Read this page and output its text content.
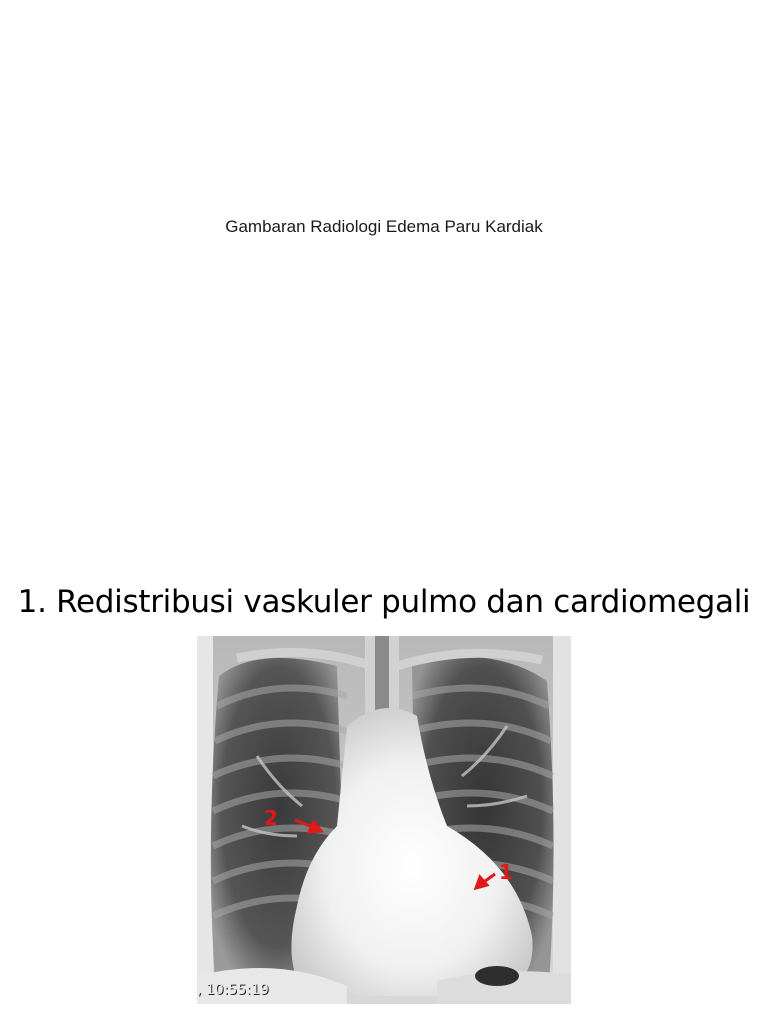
Gambaran Radiologi Edema Paru Kardiak
1. Redistribusi vaskuler pulmo dan cardiomegali
2
1
, 10:55:19
